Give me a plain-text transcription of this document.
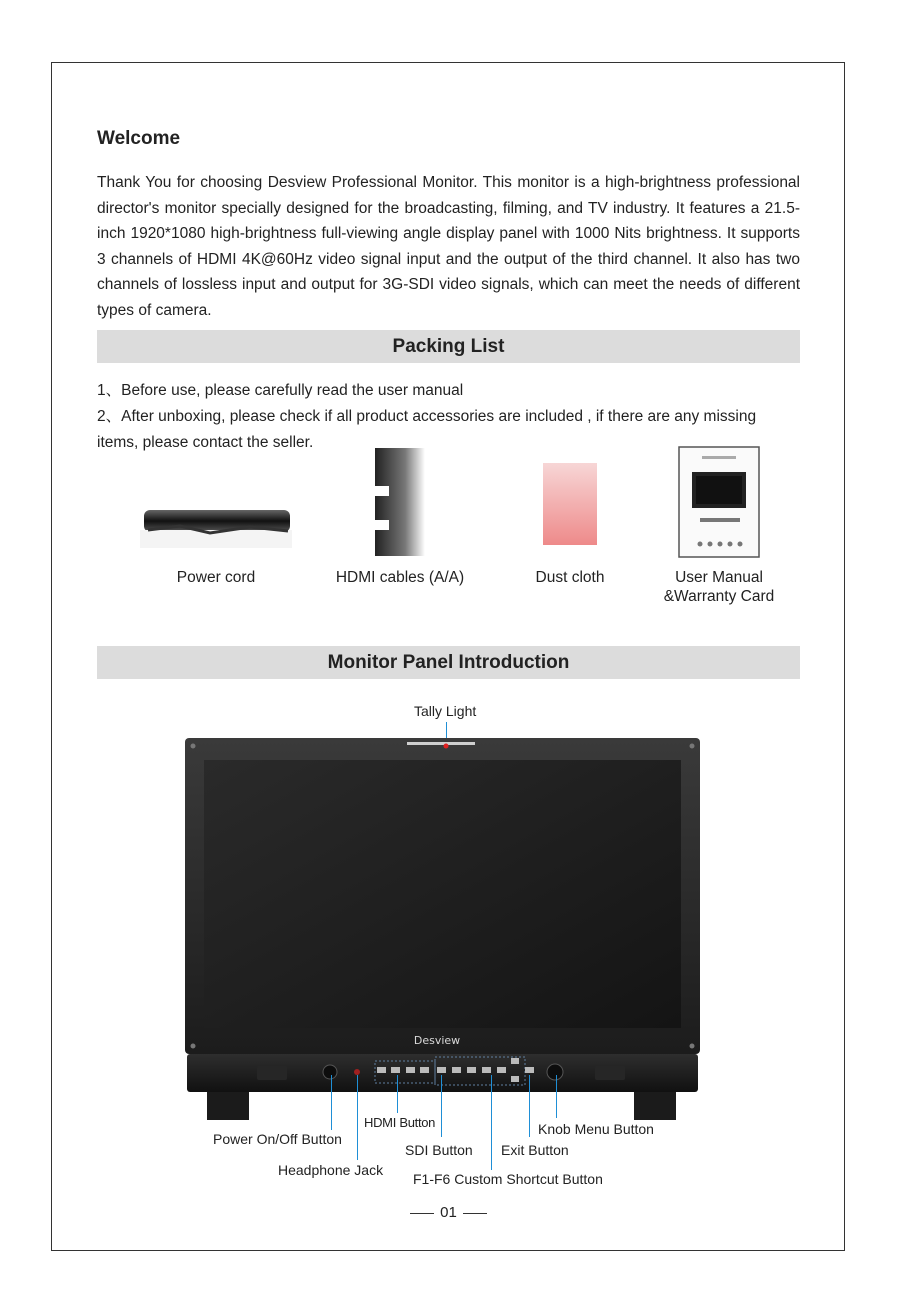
Welcome

Thank You for choosing Desview Professional Monitor. This monitor is a high-brightness professional director's monitor specially designed for the broadcasting, filming, and TV industry. It features a 21.5-inch 1920*1080 high-brightness full-viewing angle display panel with 1000 Nits brightness. It supports 3 channels of HDMI 4K@60Hz video signal input and the output of the third channel. It also has two channels of lossless input and output for 3G-SDI video signals, which can meet the needs of different types of camera.

Packing List

1、Before use, please carefully read the user manual

2、After unboxing, please check if all product accessories are included , if there are any missing items, please contact the seller.

Power cord	HDMI cables (A/A)	Dust cloth	User Manual &Warranty Card
Monitor Panel Introduction
Tally Light
Desview
Power On/Off Button
Headphone Jack
HDMI Button
SDI Button
F1-F6 Custom Shortcut Button
Exit Button
Knob Menu Button
01
